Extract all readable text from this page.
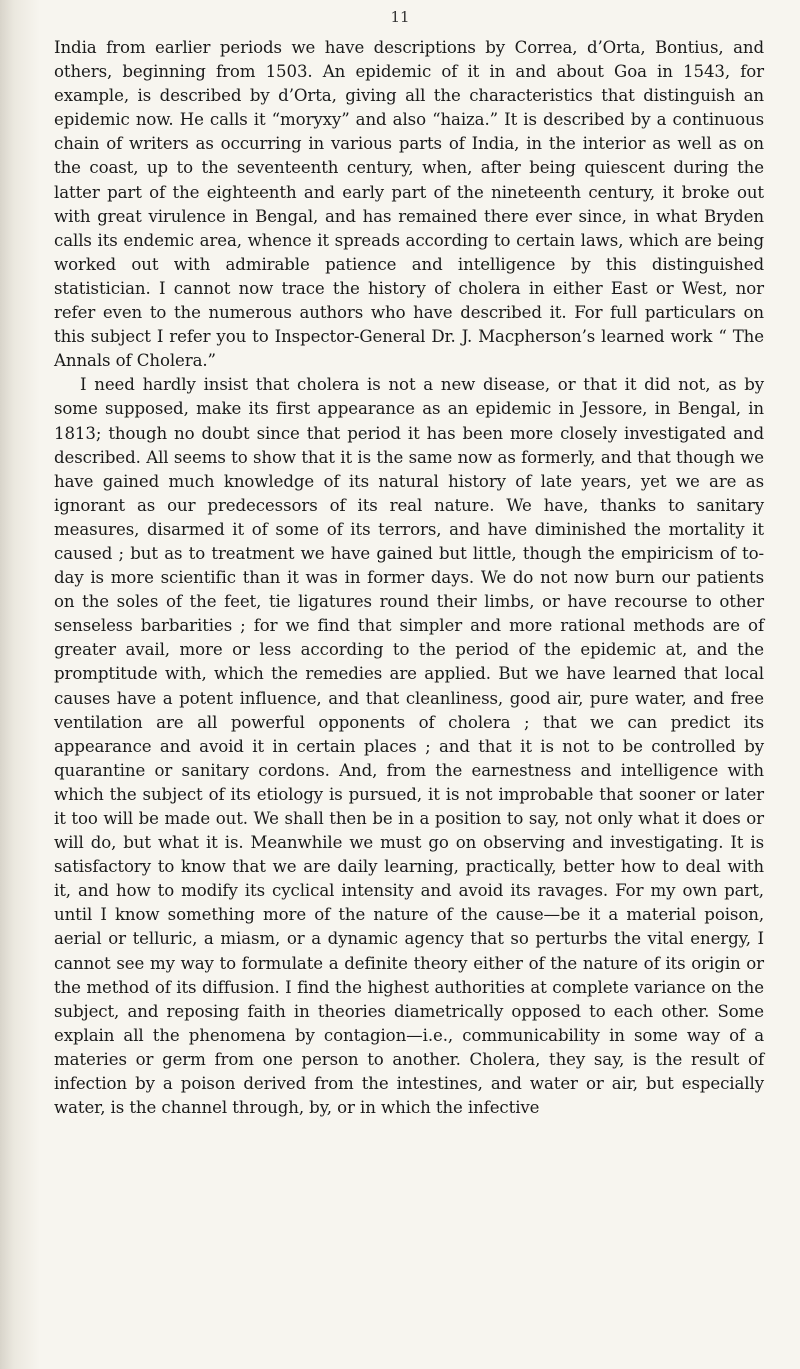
11

India from earlier periods we have descriptions by Correa, d’Orta, Bontius, and others, beginning from 1503. An epidemic of it in and about Goa in 1543, for example, is described by d’Orta, giving all the characteristics that distinguish an epidemic now. He calls it “moryxy” and also “haiza.” It is described by a continuous chain of writers as occurring in various parts of India, in the interior as well as on the coast, up to the seventeenth century, when, after being quiescent during the latter part of the eighteenth and early part of the nineteenth century, it broke out with great virulence in Bengal, and has remained there ever since, in what Bryden calls its endemic area, whence it spreads according to certain laws, which are being worked out with admirable patience and intelligence by this distinguished statistician. I cannot now trace the history of cholera in either East or West, nor refer even to the numerous authors who have described it. For full particulars on this subject I refer you to Inspector-General Dr. J. Macpherson’s learned work “ The Annals of Cholera.”

I need hardly insist that cholera is not a new disease, or that it did not, as by some supposed, make its first appearance as an epidemic in Jessore, in Bengal, in 1813; though no doubt since that period it has been more closely investigated and described. All seems to show that it is the same now as formerly, and that though we have gained much knowledge of its natural history of late years, yet we are as ignorant as our predecessors of its real nature. We have, thanks to sanitary measures, disarmed it of some of its terrors, and have diminished the mortality it caused ; but as to treatment we have gained but little, though the empiricism of to-day is more scientific than it was in former days. We do not now burn our patients on the soles of the feet, tie ligatures round their limbs, or have recourse to other senseless barbarities ; for we find that simpler and more rational methods are of greater avail, more or less according to the period of the epidemic at, and the promptitude with, which the remedies are applied. But we have learned that local causes have a potent influence, and that cleanliness, good air, pure water, and free ventilation are all powerful opponents of cholera ; that we can predict its appearance and avoid it in certain places ; and that it is not to be controlled by quarantine or sanitary cordons. And, from the earnestness and intelligence with which the subject of its etiology is pursued, it is not improbable that sooner or later it too will be made out. We shall then be in a position to say, not only what it does or will do, but what it is. Meanwhile we must go on observing and investigating. It is satisfactory to know that we are daily learning, practically, better how to deal with it, and how to modify its cyclical intensity and avoid its ravages. For my own part, until I know something more of the nature of the cause—be it a material poison, aerial or telluric, a miasm, or a dynamic agency that so perturbs the vital energy, I cannot see my way to formulate a definite theory either of the nature of its origin or the method of its diffusion. I find the highest authorities at complete variance on the subject, and reposing faith in theories diametrically opposed to each other. Some explain all the phenomena by contagion—i.e., communicability in some way of a materies or germ from one person to another. Cholera, they say, is the result of infection by a poison derived from the intestines, and water or air, but especially water, is the channel through, by, or in which the infective
